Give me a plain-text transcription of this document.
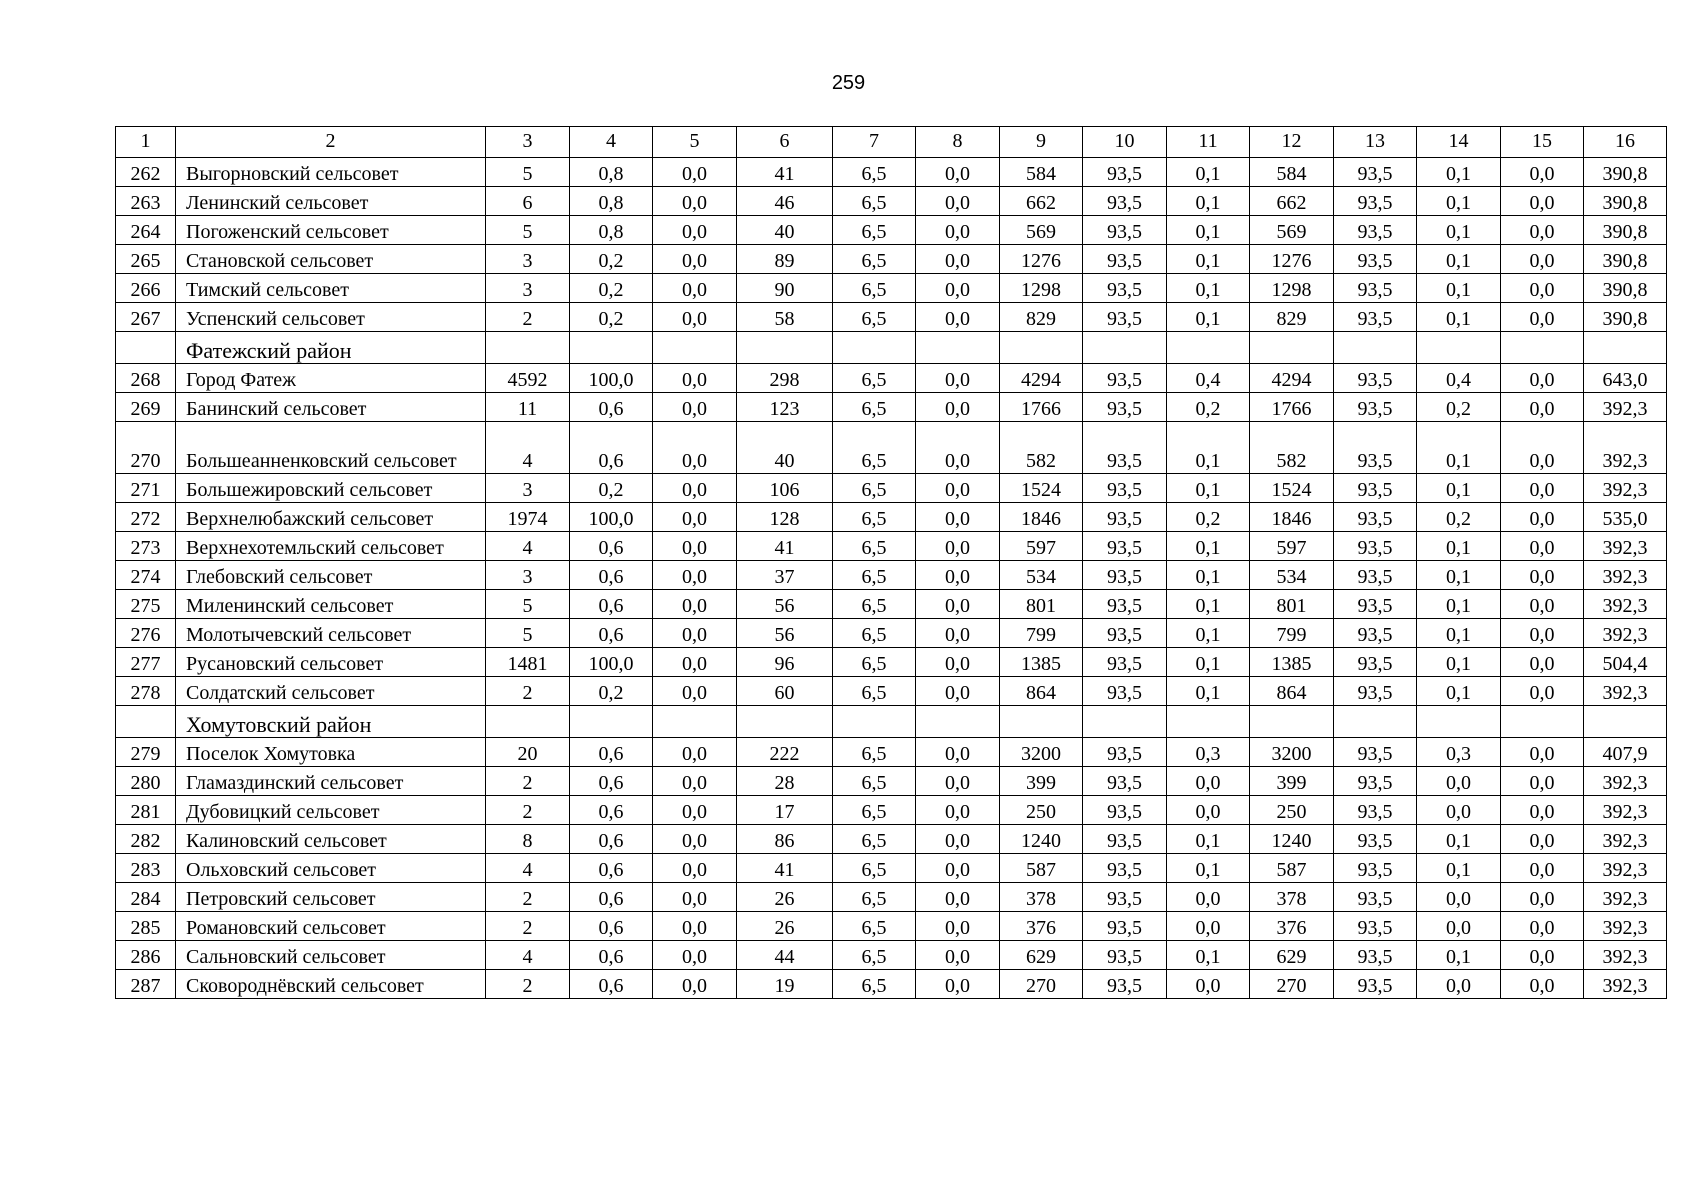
259
1	2	3	4	5	6	7	8	9	10	11	12	13	14	15	16
262	Выгорновский сельсовет	5	0,8	0,0	41	6,5	0,0	584	93,5	0,1	584	93,5	0,1	0,0	390,8
263	Ленинский сельсовет	6	0,8	0,0	46	6,5	0,0	662	93,5	0,1	662	93,5	0,1	0,0	390,8
264	Погоженский сельсовет	5	0,8	0,0	40	6,5	0,0	569	93,5	0,1	569	93,5	0,1	0,0	390,8
265	Становской сельсовет	3	0,2	0,0	89	6,5	0,0	1276	93,5	0,1	1276	93,5	0,1	0,0	390,8
266	Тимский сельсовет	3	0,2	0,0	90	6,5	0,0	1298	93,5	0,1	1298	93,5	0,1	0,0	390,8
267	Успенский сельсовет	2	0,2	0,0	58	6,5	0,0	829	93,5	0,1	829	93,5	0,1	0,0	390,8
	Фатежский район														
268	Город Фатеж	4592	100,0	0,0	298	6,5	0,0	4294	93,5	0,4	4294	93,5	0,4	0,0	643,0
269	Банинский сельсовет	11	0,6	0,0	123	6,5	0,0	1766	93,5	0,2	1766	93,5	0,2	0,0	392,3
270	Большеанненковский сельсовет	4	0,6	0,0	40	6,5	0,0	582	93,5	0,1	582	93,5	0,1	0,0	392,3
271	Большежировский сельсовет	3	0,2	0,0	106	6,5	0,0	1524	93,5	0,1	1524	93,5	0,1	0,0	392,3
272	Верхнелюбажский сельсовет	1974	100,0	0,0	128	6,5	0,0	1846	93,5	0,2	1846	93,5	0,2	0,0	535,0
273	Верхнехотемльский сельсовет	4	0,6	0,0	41	6,5	0,0	597	93,5	0,1	597	93,5	0,1	0,0	392,3
274	Глебовский сельсовет	3	0,6	0,0	37	6,5	0,0	534	93,5	0,1	534	93,5	0,1	0,0	392,3
275	Миленинский сельсовет	5	0,6	0,0	56	6,5	0,0	801	93,5	0,1	801	93,5	0,1	0,0	392,3
276	Молотычевский сельсовет	5	0,6	0,0	56	6,5	0,0	799	93,5	0,1	799	93,5	0,1	0,0	392,3
277	Русановский сельсовет	1481	100,0	0,0	96	6,5	0,0	1385	93,5	0,1	1385	93,5	0,1	0,0	504,4
278	Солдатский сельсовет	2	0,2	0,0	60	6,5	0,0	864	93,5	0,1	864	93,5	0,1	0,0	392,3
	Хомутовский район														
279	Поселок Хомутовка	20	0,6	0,0	222	6,5	0,0	3200	93,5	0,3	3200	93,5	0,3	0,0	407,9
280	Гламаздинский сельсовет	2	0,6	0,0	28	6,5	0,0	399	93,5	0,0	399	93,5	0,0	0,0	392,3
281	Дубовицкий сельсовет	2	0,6	0,0	17	6,5	0,0	250	93,5	0,0	250	93,5	0,0	0,0	392,3
282	Калиновский сельсовет	8	0,6	0,0	86	6,5	0,0	1240	93,5	0,1	1240	93,5	0,1	0,0	392,3
283	Ольховский сельсовет	4	0,6	0,0	41	6,5	0,0	587	93,5	0,1	587	93,5	0,1	0,0	392,3
284	Петровский сельсовет	2	0,6	0,0	26	6,5	0,0	378	93,5	0,0	378	93,5	0,0	0,0	392,3
285	Романовский сельсовет	2	0,6	0,0	26	6,5	0,0	376	93,5	0,0	376	93,5	0,0	0,0	392,3
286	Сальновский сельсовет	4	0,6	0,0	44	6,5	0,0	629	93,5	0,1	629	93,5	0,1	0,0	392,3
287	Сковороднёвский сельсовет	2	0,6	0,0	19	6,5	0,0	270	93,5	0,0	270	93,5	0,0	0,0	392,3
